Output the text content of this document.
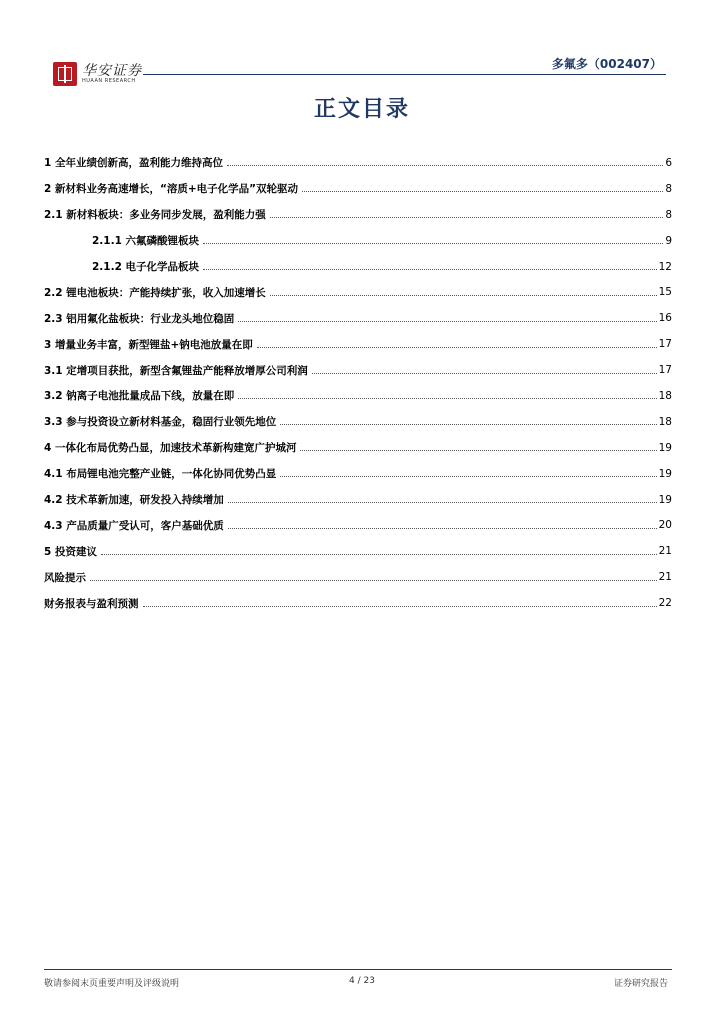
华安证券
HUAAN RESEARCH
多氟多（002407）
正文目录
1 全年业绩创新高，盈利能力维持高位	6
2 新材料业务高速增长，“溶质+电子化学品”双轮驱动	8
2.1 新材料板块：多业务同步发展，盈利能力强	8
2.1.1 六氟磷酸锂板块	9
2.1.2 电子化学品板块	12
2.2 锂电池板块：产能持续扩张，收入加速增长	15
2.3 铝用氟化盐板块：行业龙头地位稳固	16
3 增量业务丰富，新型锂盐+钠电池放量在即	17
3.1 定增项目获批，新型含氟锂盐产能释放增厚公司利润	17
3.2 钠离子电池批量成品下线，放量在即	18
3.3 参与投资设立新材料基金，稳固行业领先地位	18
4 一体化布局优势凸显，加速技术革新构建宽广护城河	19
4.1 布局锂电池完整产业链，一体化协同优势凸显	19
4.2 技术革新加速，研发投入持续增加	19
4.3 产品质量广受认可，客户基础优质	20
5 投资建议	21
风险提示	21
财务报表与盈利预测	22
敬请参阅末页重要声明及评级说明	4 / 23	证券研究报告
